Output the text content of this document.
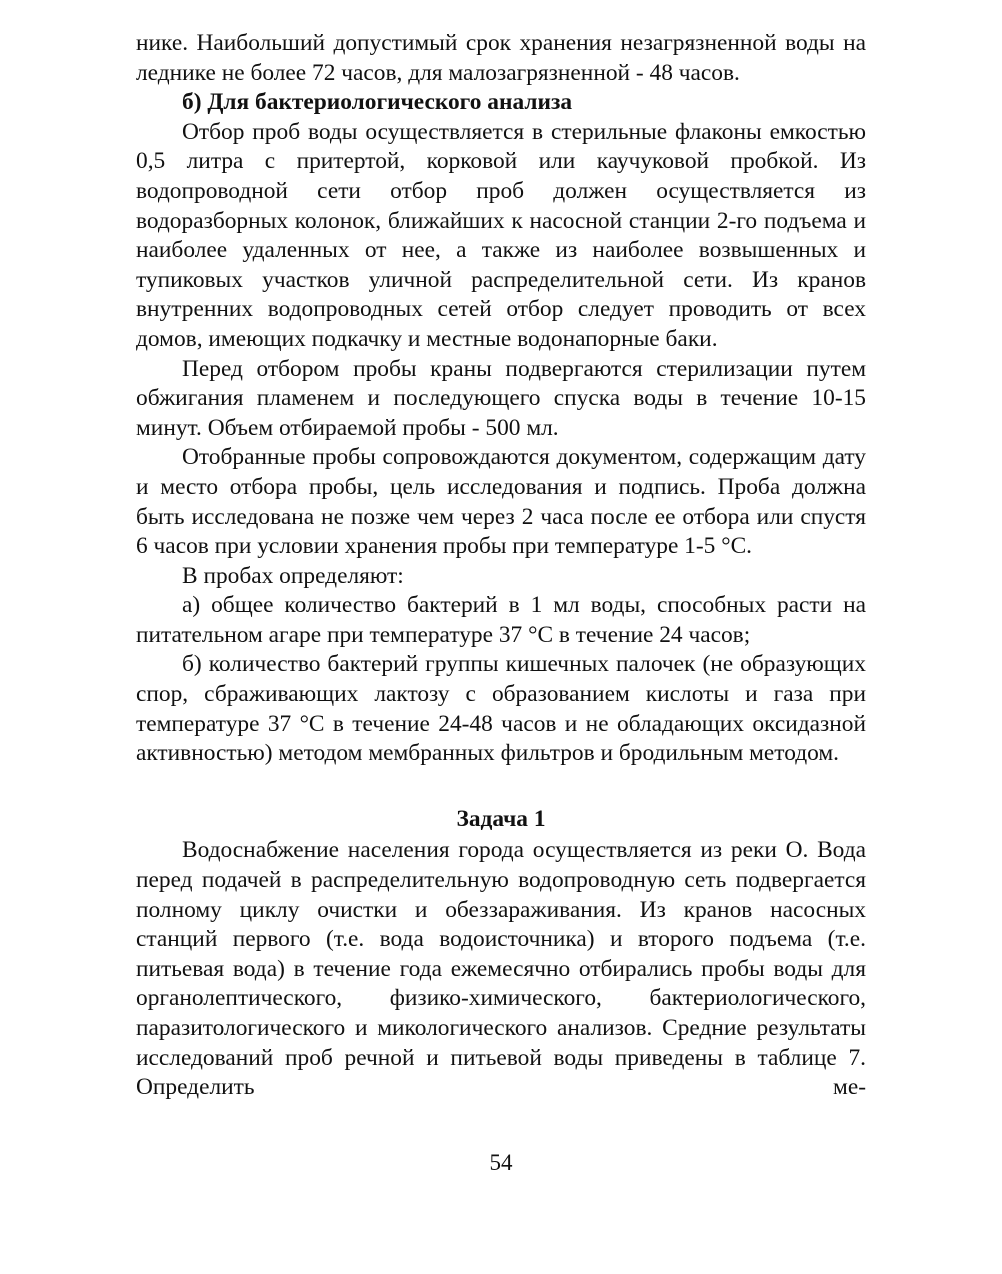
нике. Наибольший допустимый срок хранения незагрязненной воды на леднике не более 72 часов, для малозагрязненной - 48 часов.

б) Для бактериологического анализа

Отбор проб воды осуществляется в стерильные флаконы емкостью 0,5 литра с притертой, корковой или каучуковой пробкой. Из водопроводной сети отбор проб должен осуществляется из водоразборных колонок, ближайших к насосной станции 2-го подъема и наиболее удаленных от нее, а также из наиболее возвышенных и тупиковых участков уличной распределительной сети. Из кранов внутренних водопроводных сетей отбор следует проводить от всех домов, имеющих подкачку и местные водонапорные баки.

Перед отбором пробы краны подвергаются стерилизации путем обжигания пламенем и последующего спуска воды в течение 10-15 минут. Объем отбираемой пробы - 500 мл.

Отобранные пробы сопровождаются документом, содержащим дату и место отбора пробы, цель исследования и подпись. Проба должна быть исследована не позже чем через 2 часа после ее отбора или спустя 6 часов при условии хранения пробы при температуре 1-5 °С.

В пробах определяют:

а) общее количество бактерий в 1 мл воды, способных расти на питательном агаре при температуре 37 °С в течение 24 часов;

б) количество бактерий группы кишечных палочек (не образующих спор, сбраживающих лактозу с образованием кислоты и газа при температуре 37 °С в течение 24-48 часов и не обладающих оксидазной активностью) методом мембранных фильтров и бродильным методом.

Задача 1

Водоснабжение населения города осуществляется из реки О. Вода перед подачей в распределительную водопроводную сеть подвергается полному циклу очистки и обеззараживания. Из кранов насосных станций первого (т.е. вода водоисточника) и второго подъема (т.е. питьевая вода) в течение года ежемесячно отбирались пробы воды для органолептического, физико-химического, бактериологического, паразитологического и микологического анализов. Средние результаты исследований проб речной и питьевой воды приведены в таблице 7. Определить ме-

54
